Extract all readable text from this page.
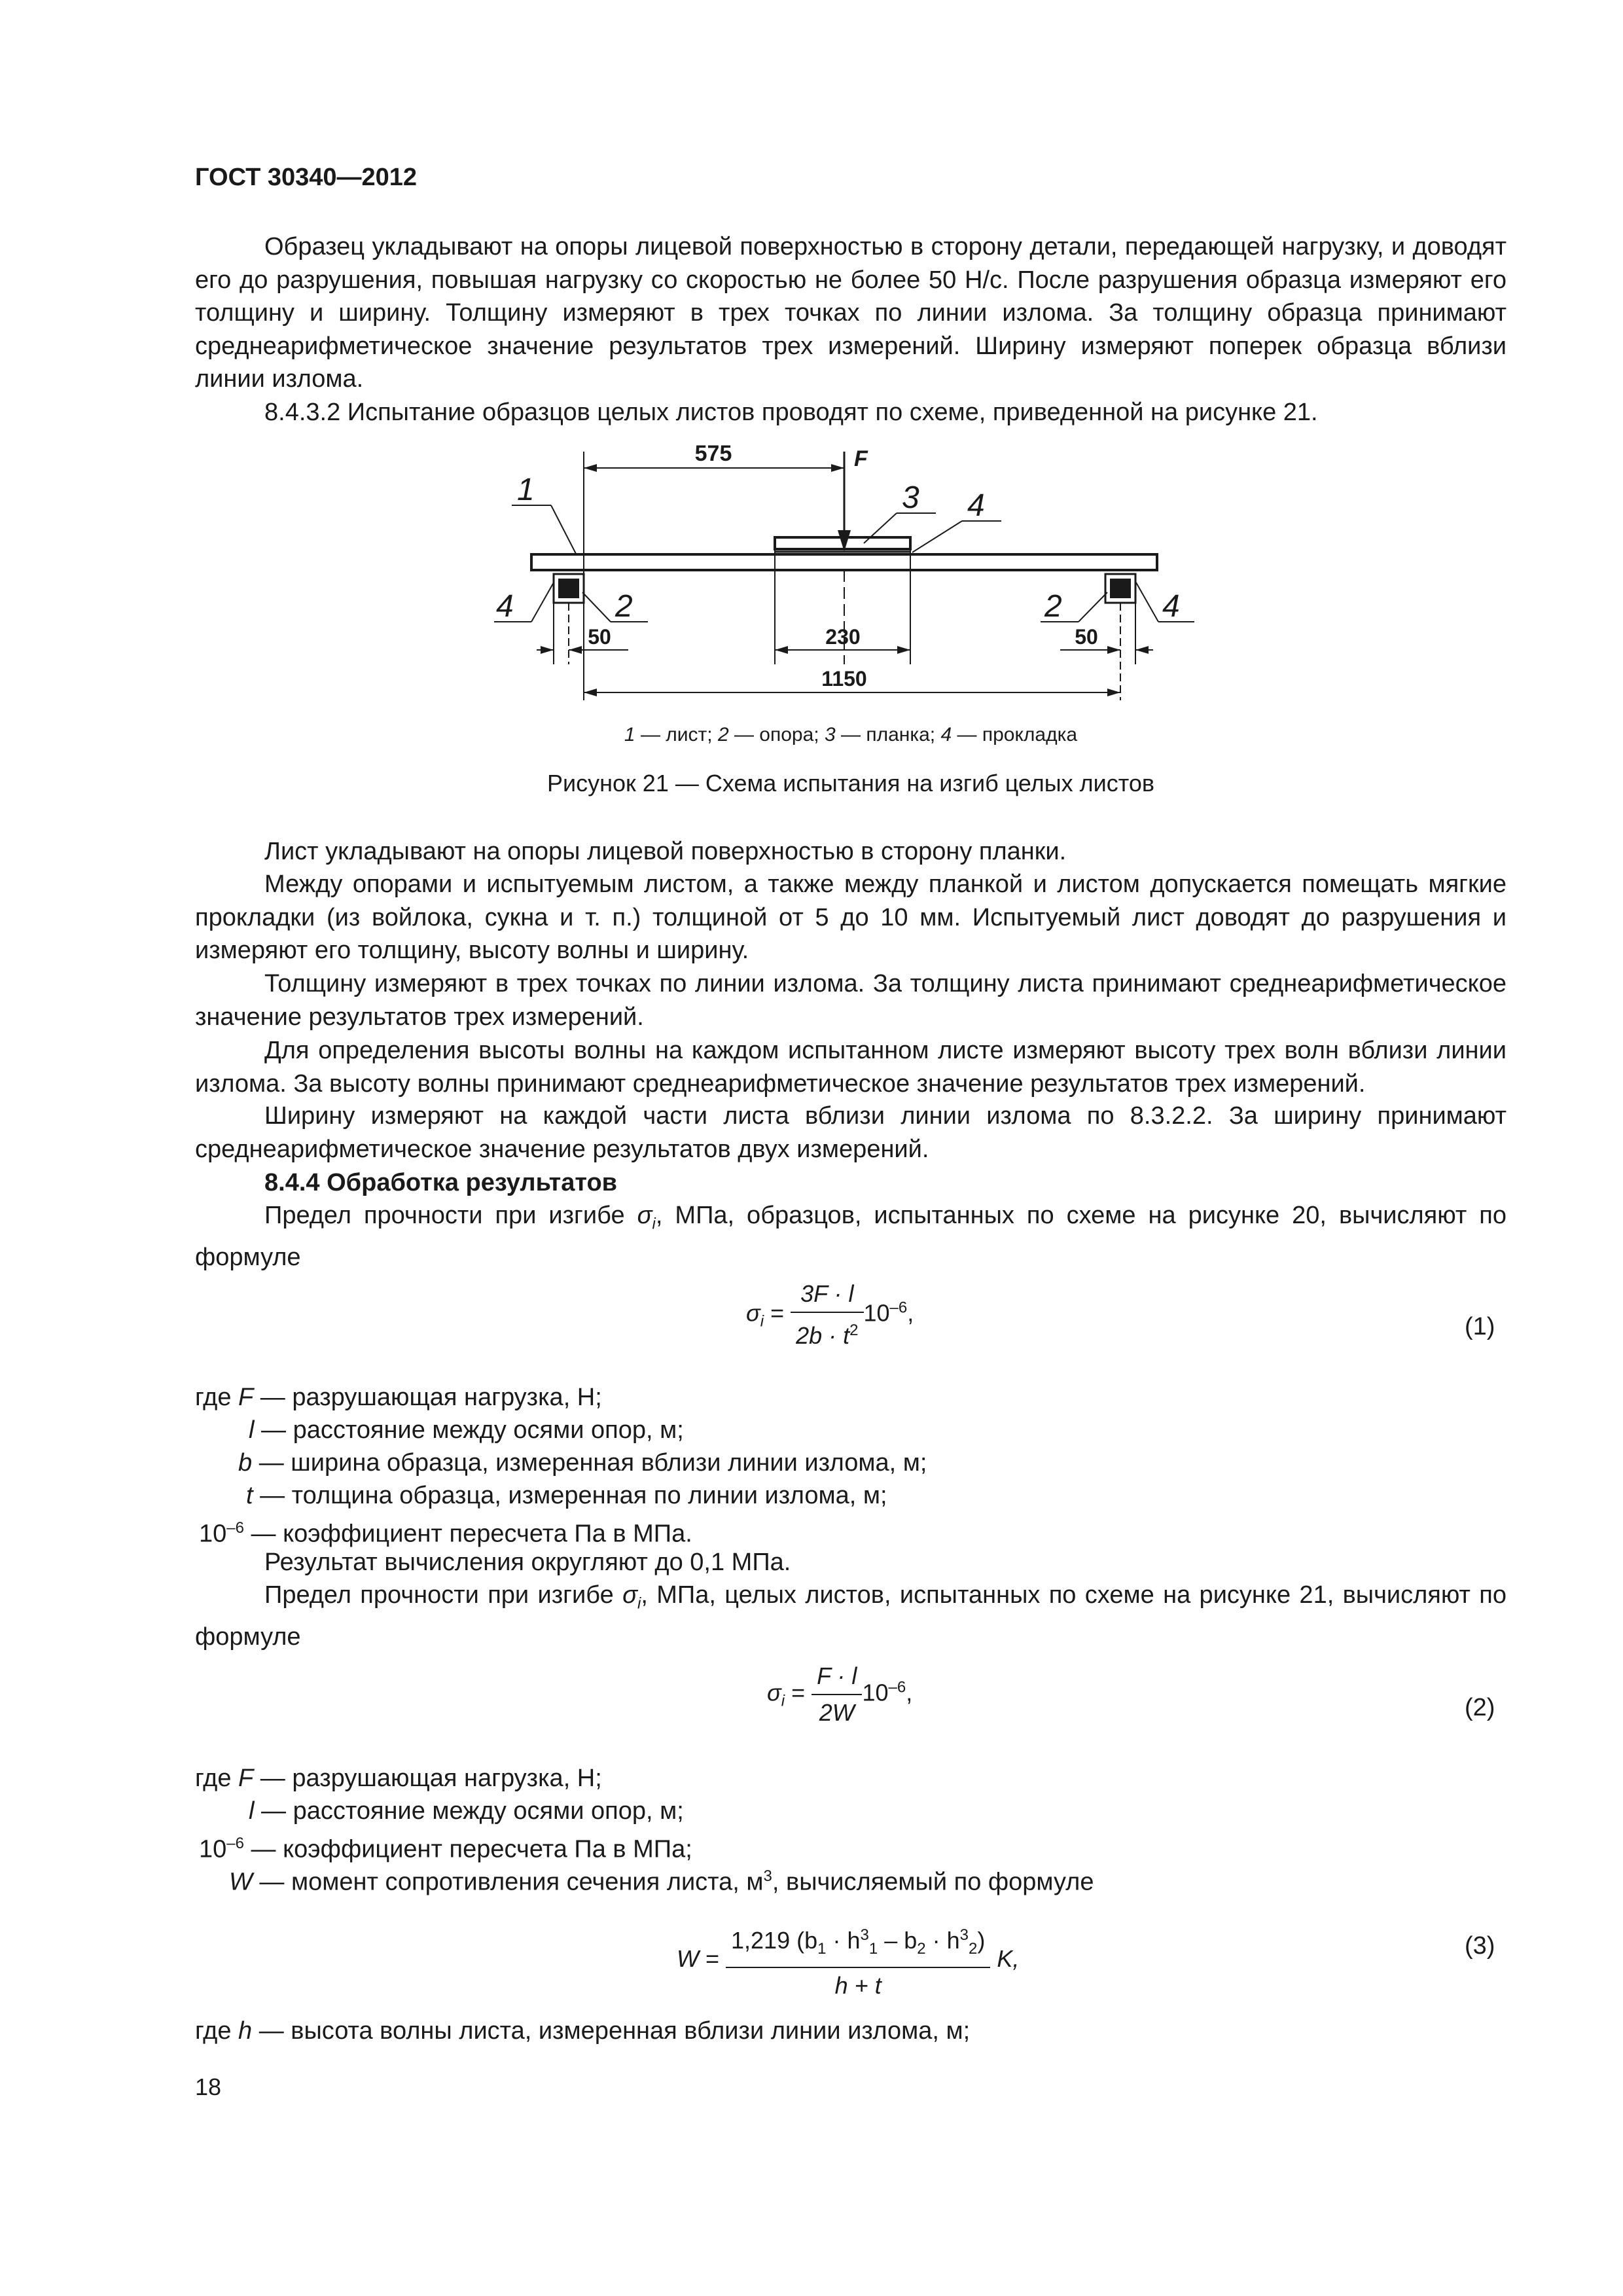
ГОСТ 30340—2012

Образец укладывают на опоры лицевой поверхностью в сторону детали, передающей нагрузку, и доводят его до разрушения, повышая нагрузку со скоростью не более 50 Н/с. После разрушения образца измеряют его толщину и ширину. Толщину измеряют в трех точках по линии излома. За толщину образца принимают среднеарифметическое значение результатов трех измерений. Ширину измеряют поперек образца вблизи линии излома.

8.4.3.2 Испытание образцов целых листов проводят по схеме, приведенной на рисунке 21.

575	F
1	3 4
4	2	2	4
50	230	50
1150
1 — лист; 2 — опора; 3 — планка; 4 — прокладка
Рисунок 21 — Схема испытания на изгиб целых листов

Лист укладывают на опоры лицевой поверхностью в сторону планки.

Между опорами и испытуемым листом, а также между планкой и листом допускается помещать мягкие прокладки (из войлока, сукна и т. п.) толщиной от 5 до 10 мм. Испытуемый лист доводят до разрушения и измеряют его толщину, высоту волны и ширину.

Толщину измеряют в трех точках по линии излома. За толщину листа принимают среднеарифметическое значение результатов трех измерений.

Для определения высоты волны на каждом испытанном листе измеряют высоту трех волн вблизи линии излома. За высоту волны принимают среднеарифметическое значение результатов трех измерений.

Ширину измеряют на каждой части листа вблизи линии излома по 8.3.2.2. За ширину принимают среднеарифметическое значение результатов двух измерений.

8.4.4 Обработка результатов

Предел прочности при изгибе $\sigma_i$, МПа, образцов, испытанных по схеме на рисунке 20, вычисляют по формуле

$\sigma_i = \frac{3F \cdot l}{2b \cdot t^2} 10^{-6}$,	(1)
где F — разрушающая нагрузка, Н;
l — расстояние между осями опор, м;
b — ширина образца, измеренная вблизи линии излома, м;
t — толщина образца, измеренная по линии излома, м;
$10^{-6}$ — коэффициент пересчета Па в МПа.
Результат вычисления округляют до 0,1 МПа.

Предел прочности при изгибе $\sigma_i$, МПа, целых листов, испытанных по схеме на рисунке 21, вычисляют по формуле

$\sigma_i = \frac{F \cdot l}{2W} 10^{-6}$,
(2)
где F — разрушающая нагрузка, Н;
l — расстояние между осями опор, м;
$10^{-6}$ — коэффициент пересчета Па в МПа;
W — момент сопротивления сечения листа, $м^3$, вычисляемый по формуле
$W = \frac{1,219 (b_1 \cdot h^3_1 - b_2 \cdot h^3_2)}{h + t} K$,	(3)
где h — высота волны листа, измеренная вблизи линии излома, м;
18
